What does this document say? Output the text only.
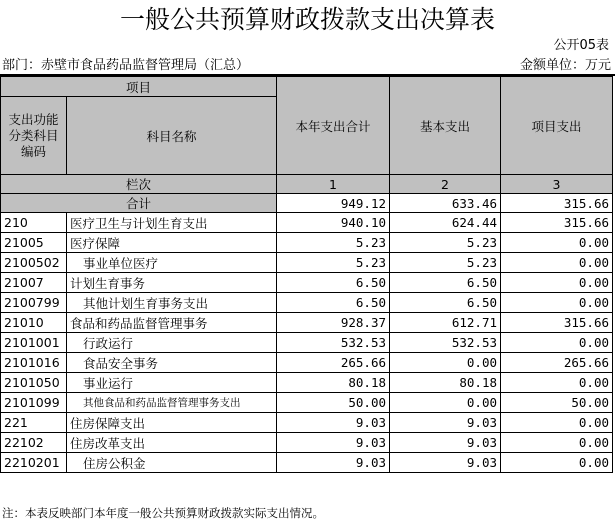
一般公共预算财政拨款支出决算表
公开05表
部门：赤壁市食品药品监督管理局（汇总）	金额单位：万元
项目		本年支出合计	基本支出	项目支出
支出功能分类科目编码	科目名称			

栏次		1	2	3
合计		949.12	633.46	315.66
210	医疗卫生与计划生育支出	940.10	624.44	315.66
21005	医疗保障	5.23	5.23	0.00
2100502	事业单位医疗	5.23	5.23	0.00
21007	计划生育事务	6.50	6.50	0.00
2100799	其他计划生育事务支出	6.50	6.50	0.00
21010	食品和药品监督管理事务	928.37	612.71	315.66
2101001	行政运行	532.53	532.53	0.00
2101016	食品安全事务	265.66	0.00	265.66
2101050	事业运行	80.18	80.18	0.00
2101099	其他食品和药品监督管理事务支出	50.00	0.00	50.00
221	住房保障支出	9.03	9.03	0.00
22102	住房改革支出	9.03	9.03	0.00
2210201	住房公积金	9.03	9.03	0.00
注：本表反映部门本年度一般公共预算财政拨款实际支出情况。
